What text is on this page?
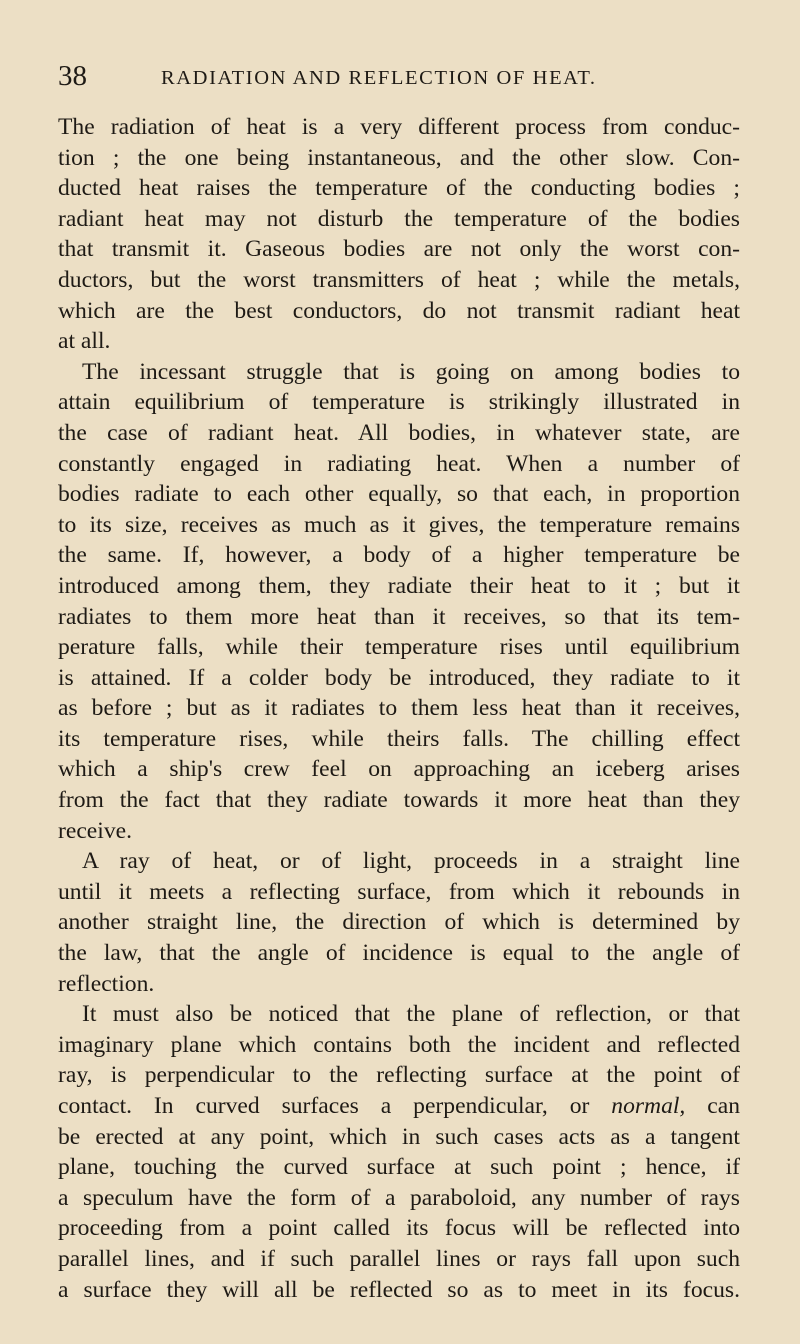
38	RADIATION AND REFLECTION OF HEAT.
The radiation of heat is a very different process from conduc-
tion ; the one being instantaneous, and the other slow. Con-
ducted heat raises the temperature of the conducting bodies ;
radiant heat may not disturb the temperature of the bodies
that transmit it. Gaseous bodies are not only the worst con-
ductors, but the worst transmitters of heat ; while the metals,
which are the best conductors, do not transmit radiant heat
at all.
The incessant struggle that is going on among bodies to
attain equilibrium of temperature is strikingly illustrated in
the case of radiant heat. All bodies, in whatever state, are
constantly engaged in radiating heat. When a number of
bodies radiate to each other equally, so that each, in proportion
to its size, receives as much as it gives, the temperature remains
the same. If, however, a body of a higher temperature be
introduced among them, they radiate their heat to it ; but it
radiates to them more heat than it receives, so that its tem-
perature falls, while their temperature rises until equilibrium
is attained. If a colder body be introduced, they radiate to it
as before ; but as it radiates to them less heat than it receives,
its temperature rises, while theirs falls. The chilling effect
which a ship's crew feel on approaching an iceberg arises
from the fact that they radiate towards it more heat than they
receive.
A ray of heat, or of light, proceeds in a straight line
until it meets a reflecting surface, from which it rebounds in
another straight line, the direction of which is determined by
the law, that the angle of incidence is equal to the angle of
reflection.
It must also be noticed that the plane of reflection, or that
imaginary plane which contains both the incident and reflected
ray, is perpendicular to the reflecting surface at the point of
contact. In curved surfaces a perpendicular, or normal, can
be erected at any point, which in such cases acts as a tangent
plane, touching the curved surface at such point ; hence, if
a speculum have the form of a paraboloid, any number of rays
proceeding from a point called its focus will be reflected into
parallel lines, and if such parallel lines or rays fall upon such
a surface they will all be reflected so as to meet in its focus.
